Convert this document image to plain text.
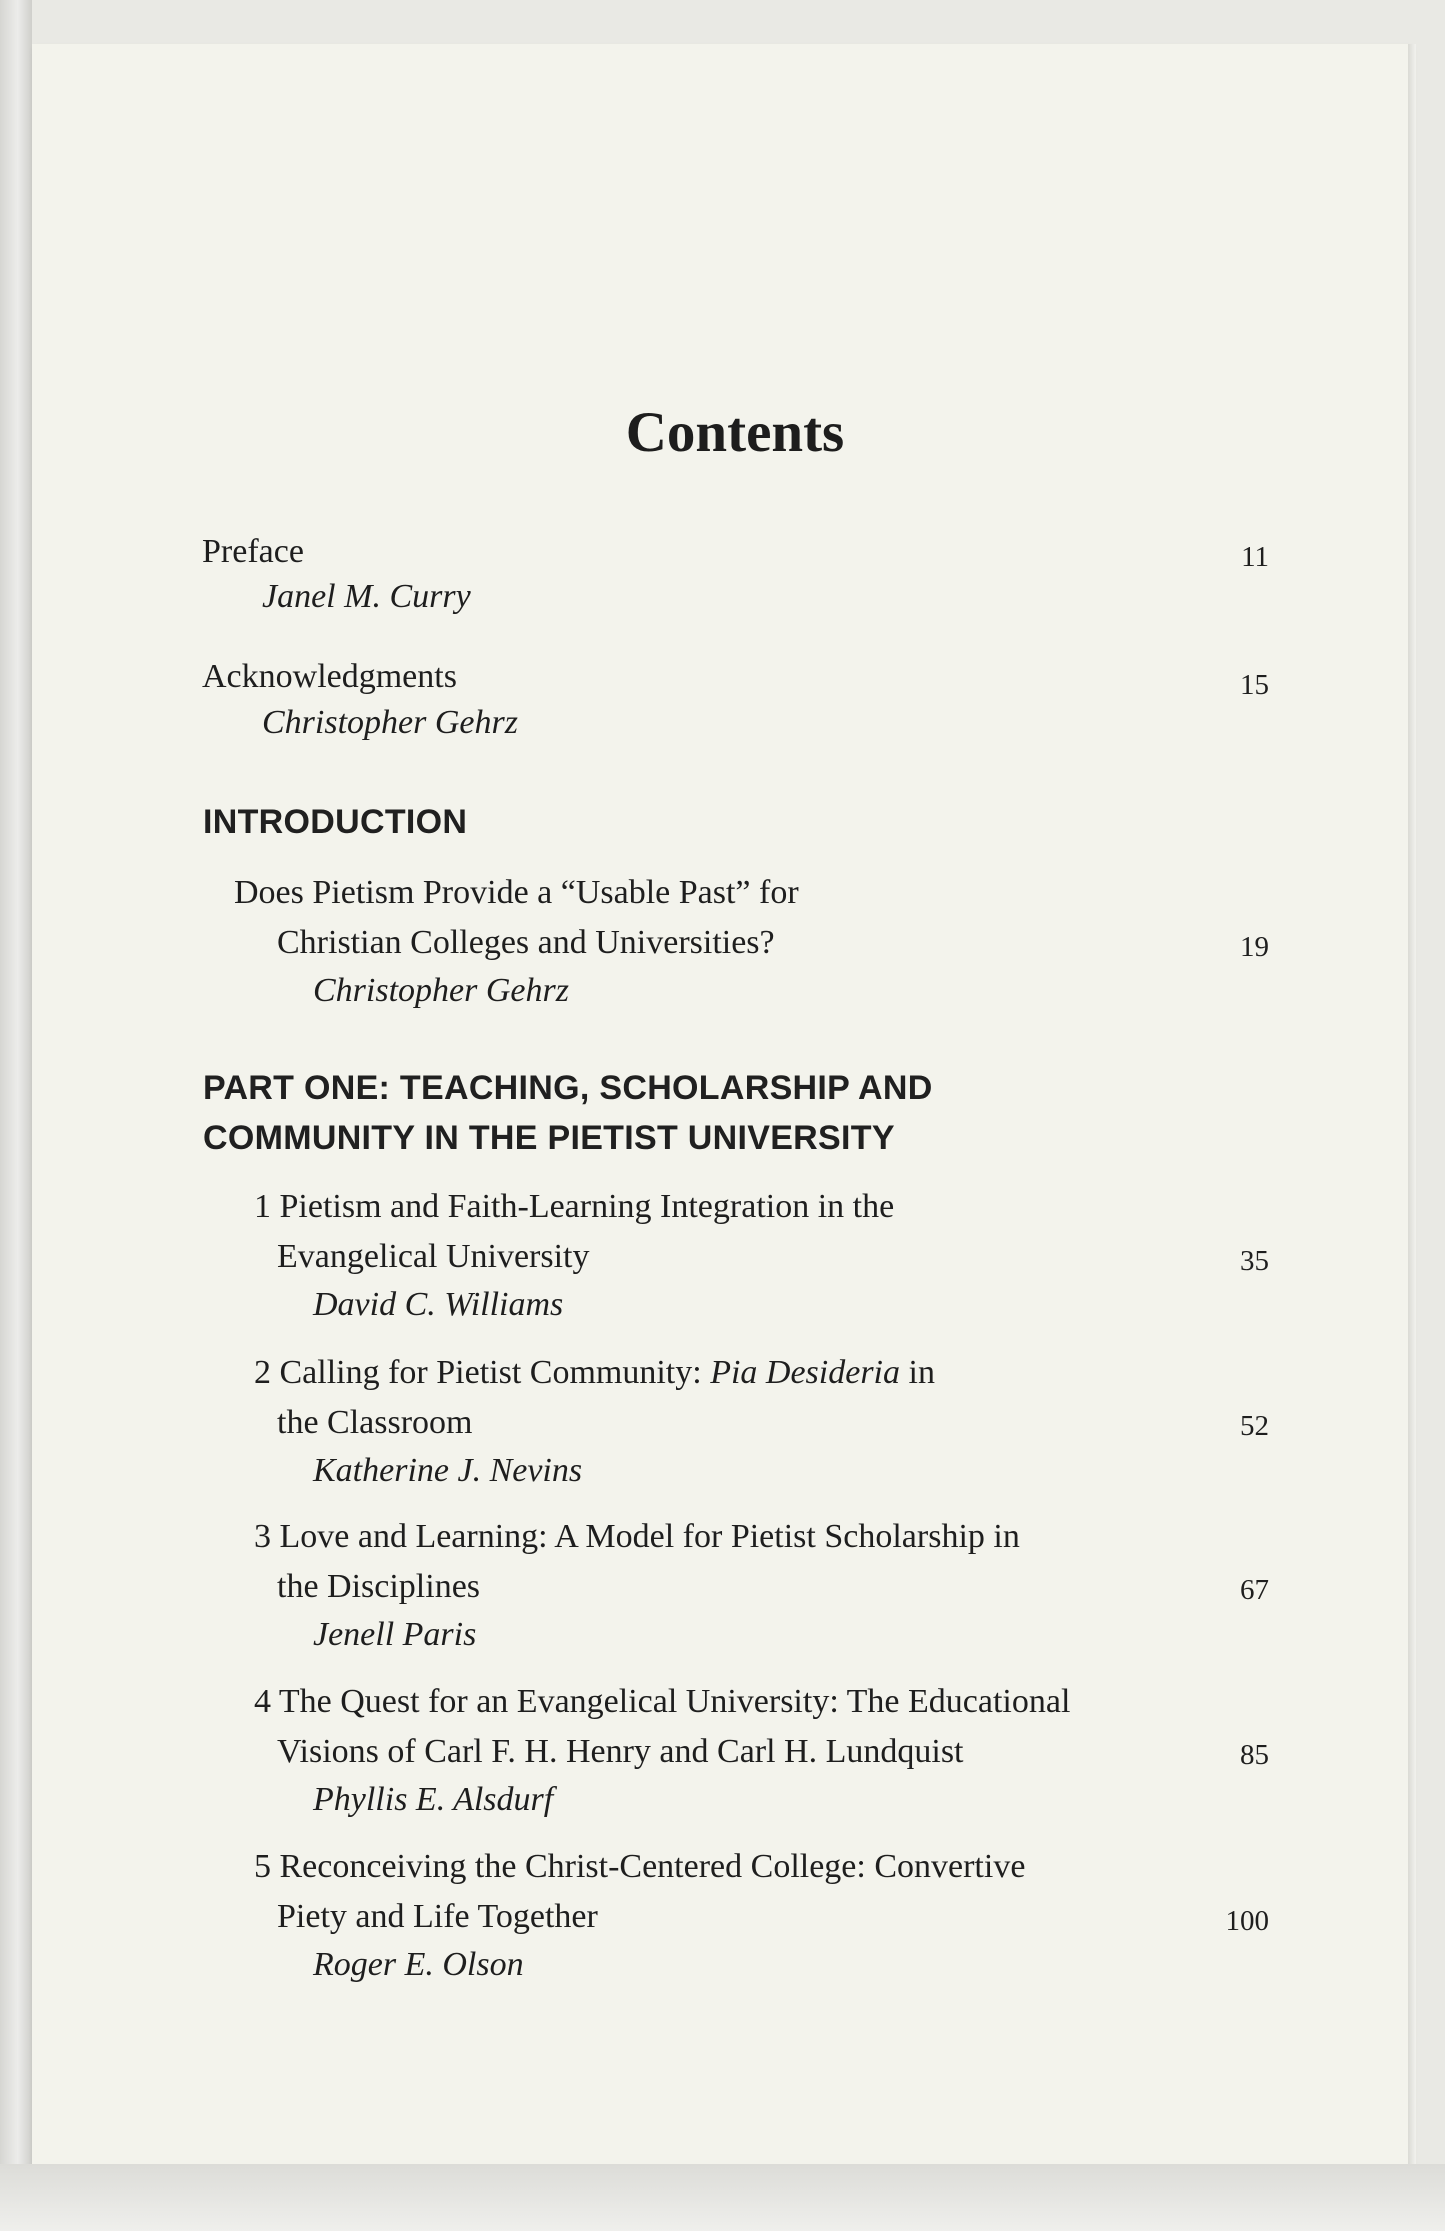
Contents
Preface
Janel M. Curry
11
Acknowledgments
Christopher Gehrz
15
INTRODUCTION
Does Pietism Provide a “Usable Past” for
Christian Colleges and Universities?
Christopher Gehrz
19
PART ONE: TEACHING, SCHOLARSHIP AND
COMMUNITY IN THE PIETIST UNIVERSITY
1 Pietism and Faith-Learning Integration in the
Evangelical University
David C. Williams
35
2 Calling for Pietist Community: Pia Desideria in
the Classroom
Katherine J. Nevins
52
3 Love and Learning: A Model for Pietist Scholarship in
the Disciplines
Jenell Paris
67
4 The Quest for an Evangelical University: The Educational
Visions of Carl F. H. Henry and Carl H. Lundquist
Phyllis E. Alsdurf
85
5 Reconceiving the Christ-Centered College: Convertive
Piety and Life Together
Roger E. Olson
100
